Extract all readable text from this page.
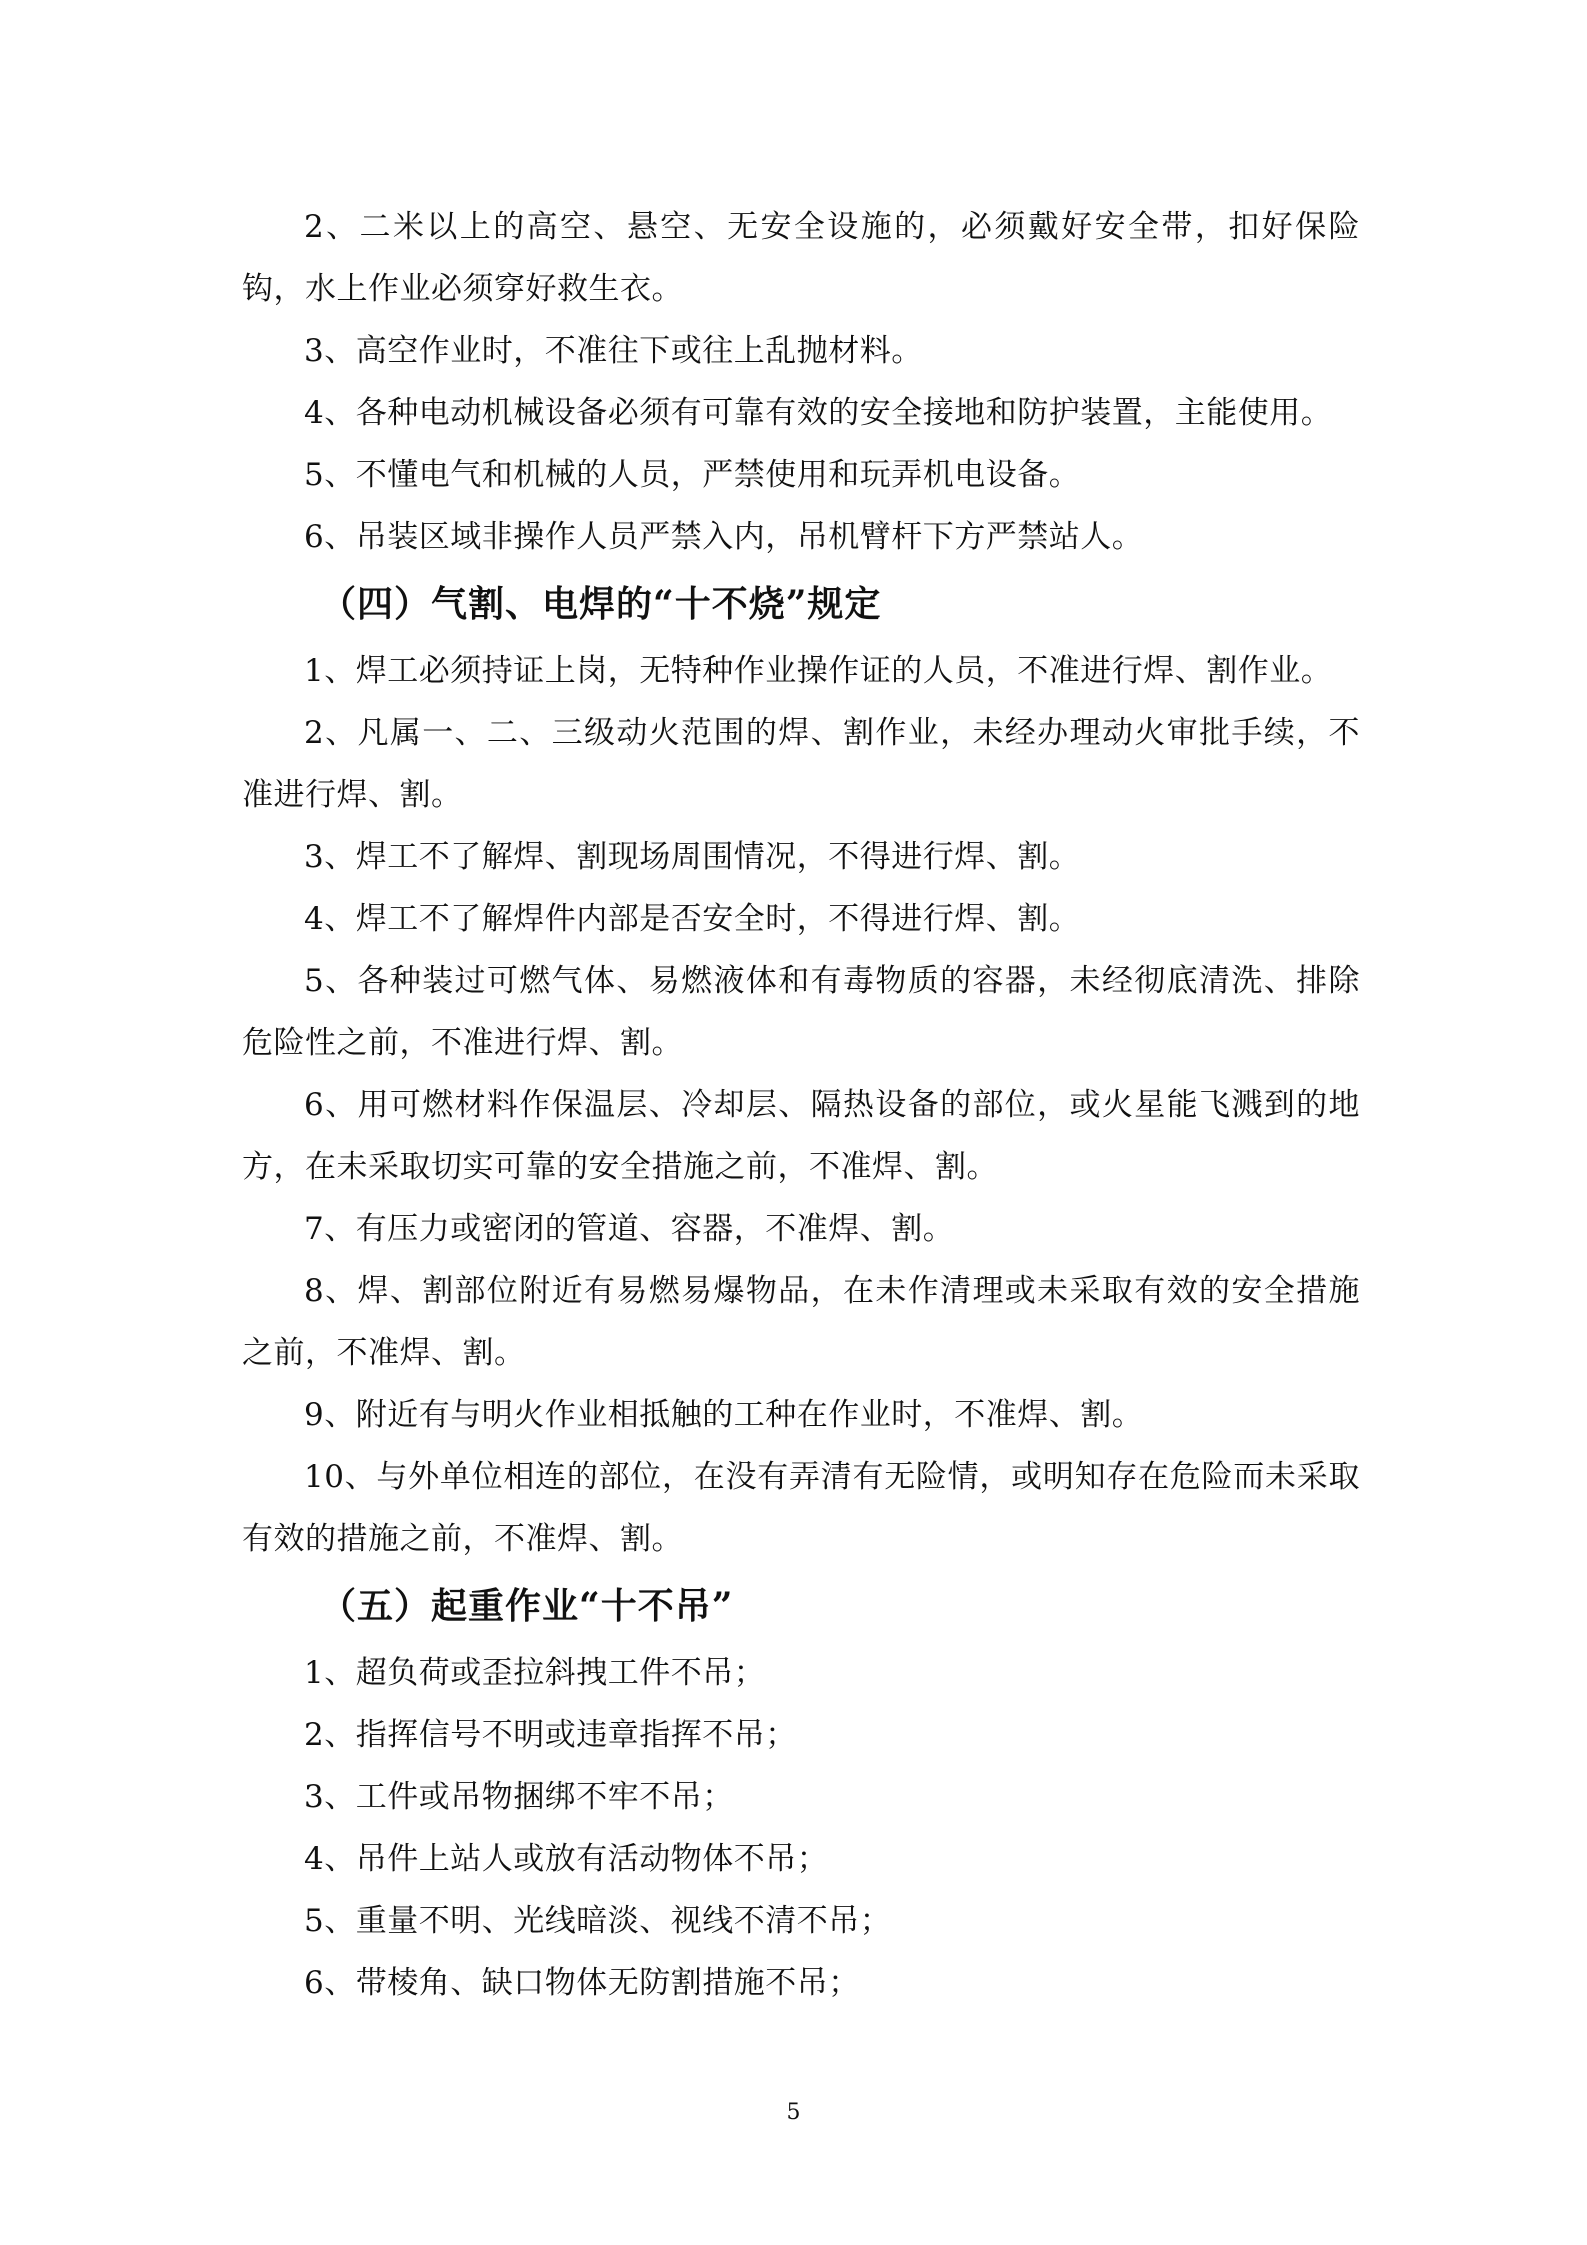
2、二米以上的高空、悬空、无安全设施的，必须戴好安全带，扣好保险钩，水上作业必须穿好救生衣。

3、高空作业时，不准往下或往上乱抛材料。

4、各种电动机械设备必须有可靠有效的安全接地和防护装置，主能使用。

5、不懂电气和机械的人员，严禁使用和玩弄机电设备。

6、吊装区域非操作人员严禁入内，吊机臂杆下方严禁站人。

（四）气割、电焊的“十不烧”规定

1、焊工必须持证上岗，无特种作业操作证的人员，不准进行焊、割作业。

2、凡属一、二、三级动火范围的焊、割作业，未经办理动火审批手续，不准进行焊、割。

3、焊工不了解焊、割现场周围情况，不得进行焊、割。

4、焊工不了解焊件内部是否安全时，不得进行焊、割。

5、各种装过可燃气体、易燃液体和有毒物质的容器，未经彻底清洗、排除危险性之前，不准进行焊、割。

6、用可燃材料作保温层、冷却层、隔热设备的部位，或火星能飞溅到的地方，在未采取切实可靠的安全措施之前，不准焊、割。

7、有压力或密闭的管道、容器，不准焊、割。

8、焊、割部位附近有易燃易爆物品，在未作清理或未采取有效的安全措施之前，不准焊、割。

9、附近有与明火作业相抵触的工种在作业时，不准焊、割。

10、与外单位相连的部位，在没有弄清有无险情，或明知存在危险而未采取有效的措施之前，不准焊、割。

（五）起重作业“十不吊”

1、超负荷或歪拉斜拽工件不吊；

2、指挥信号不明或违章指挥不吊；

3、工件或吊物捆绑不牢不吊；

4、吊件上站人或放有活动物体不吊；

5、重量不明、光线暗淡、视线不清不吊；

6、带棱角、缺口物体无防割措施不吊；

5
